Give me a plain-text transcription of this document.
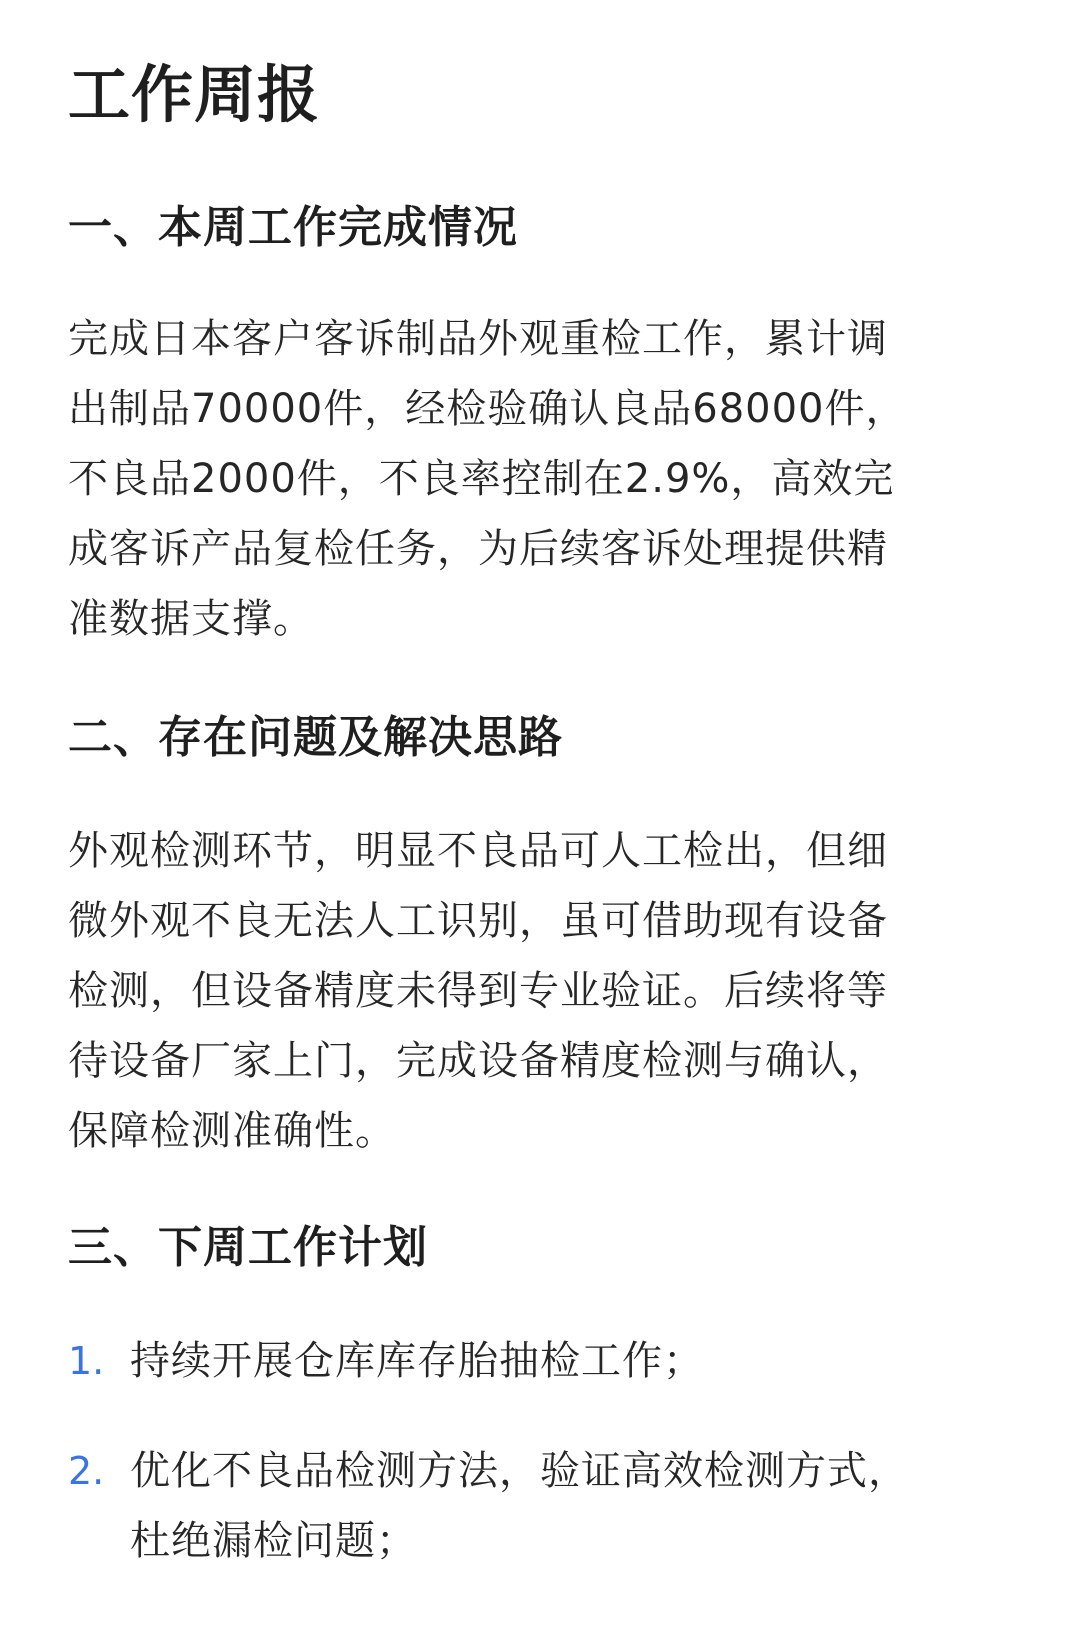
工作周报
一、本周工作完成情况

完成日本客户客诉制品外观重检工作，累计调
出制品70000件，经检验确认良品68000件，
不良品2000件，不良率控制在2.9%，高效完
成客诉产品复检任务，为后续客诉处理提供精
准数据支撑。

二、存在问题及解决思路

外观检测环节，明显不良品可人工检出，但细
微外观不良无法人工识别，虽可借助现有设备
检测，但设备精度未得到专业验证。后续将等
待设备厂家上门，完成设备精度检测与确认，
保障检测准确性。

三、下周工作计划
1. 持续开展仓库库存胎抽检工作；
2. 优化不良品检测方法，验证高效检测方式，
杜绝漏检问题；
